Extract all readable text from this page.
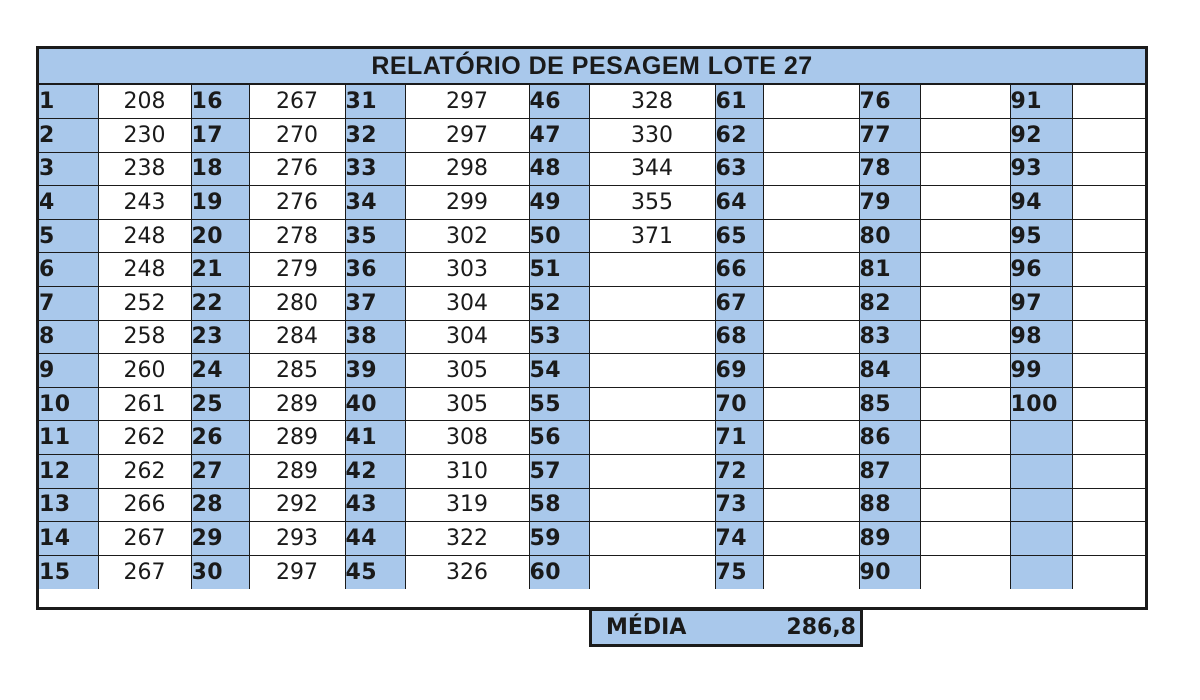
RELATÓRIO DE PESAGEM LOTE 27
1	208	16	267	31	297	46	328	61		76		91	
2	230	17	270	32	297	47	330	62		77		92	
3	238	18	276	33	298	48	344	63		78		93	
4	243	19	276	34	299	49	355	64		79		94	
5	248	20	278	35	302	50	371	65		80		95	
6	248	21	279	36	303	51		66		81		96	
7	252	22	280	37	304	52		67		82		97	
8	258	23	284	38	304	53		68		83		98	
9	260	24	285	39	305	54		69		84		99	
10	261	25	289	40	305	55		70		85		100	
11	262	26	289	41	308	56		71		86			
12	262	27	289	42	310	57		72		87			
13	266	28	292	43	319	58		73		88			
14	267	29	293	44	322	59		74		89			
15	267	30	297	45	326	60		75		90			
MÉDIA	286,8
